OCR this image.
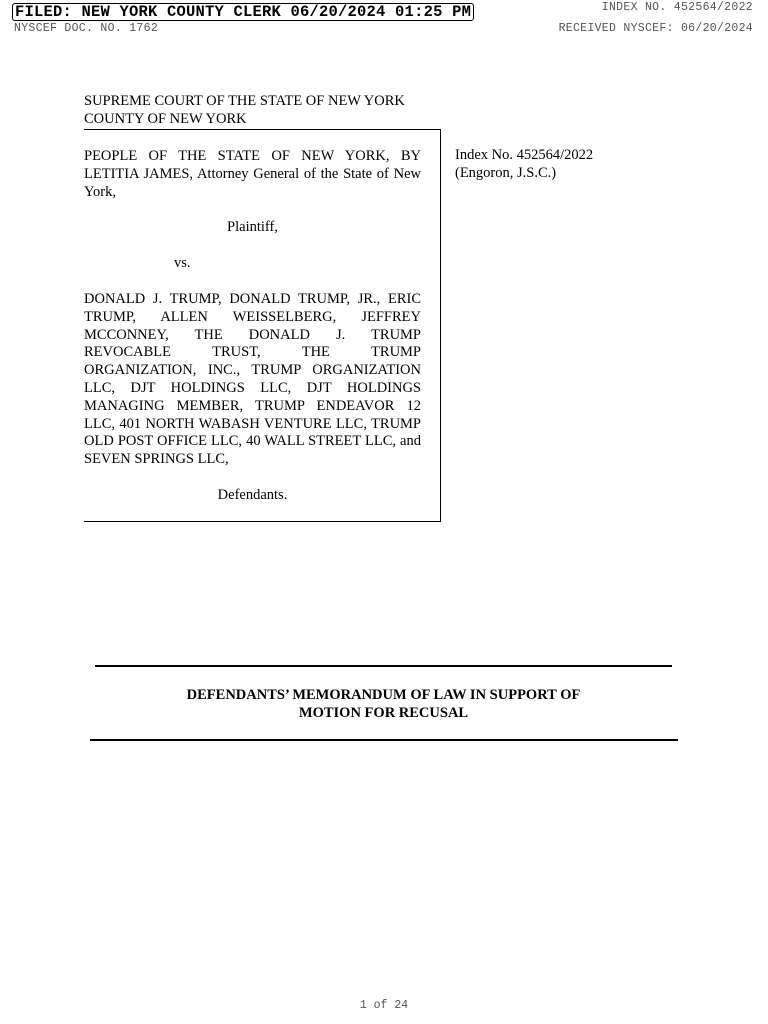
FILED: NEW YORK COUNTY CLERK 06/20/2024 01:25 PM
NYSCEF DOC. NO. 1762
INDEX NO. 452564/2022
RECEIVED NYSCEF: 06/20/2024
SUPREME COURT OF THE STATE OF NEW YORK
COUNTY OF NEW YORK
PEOPLE OF THE STATE OF NEW YORK, BY LETITIA JAMES, Attorney General of the State of New York,
Plaintiff,
vs.
DONALD J. TRUMP, DONALD TRUMP, JR., ERIC TRUMP, ALLEN WEISSELBERG, JEFFREY MCCONNEY, THE DONALD J. TRUMP REVOCABLE TRUST, THE TRUMP ORGANIZATION, INC., TRUMP ORGANIZATION LLC, DJT HOLDINGS LLC, DJT HOLDINGS MANAGING MEMBER, TRUMP ENDEAVOR 12 LLC, 401 NORTH WABASH VENTURE LLC, TRUMP OLD POST OFFICE LLC, 40 WALL STREET LLC, and SEVEN SPRINGS LLC,
Defendants.
Index No. 452564/2022
(Engoron, J.S.C.)
DEFENDANTS’ MEMORANDUM OF LAW IN SUPPORT OF
MOTION FOR RECUSAL
1 of 24
